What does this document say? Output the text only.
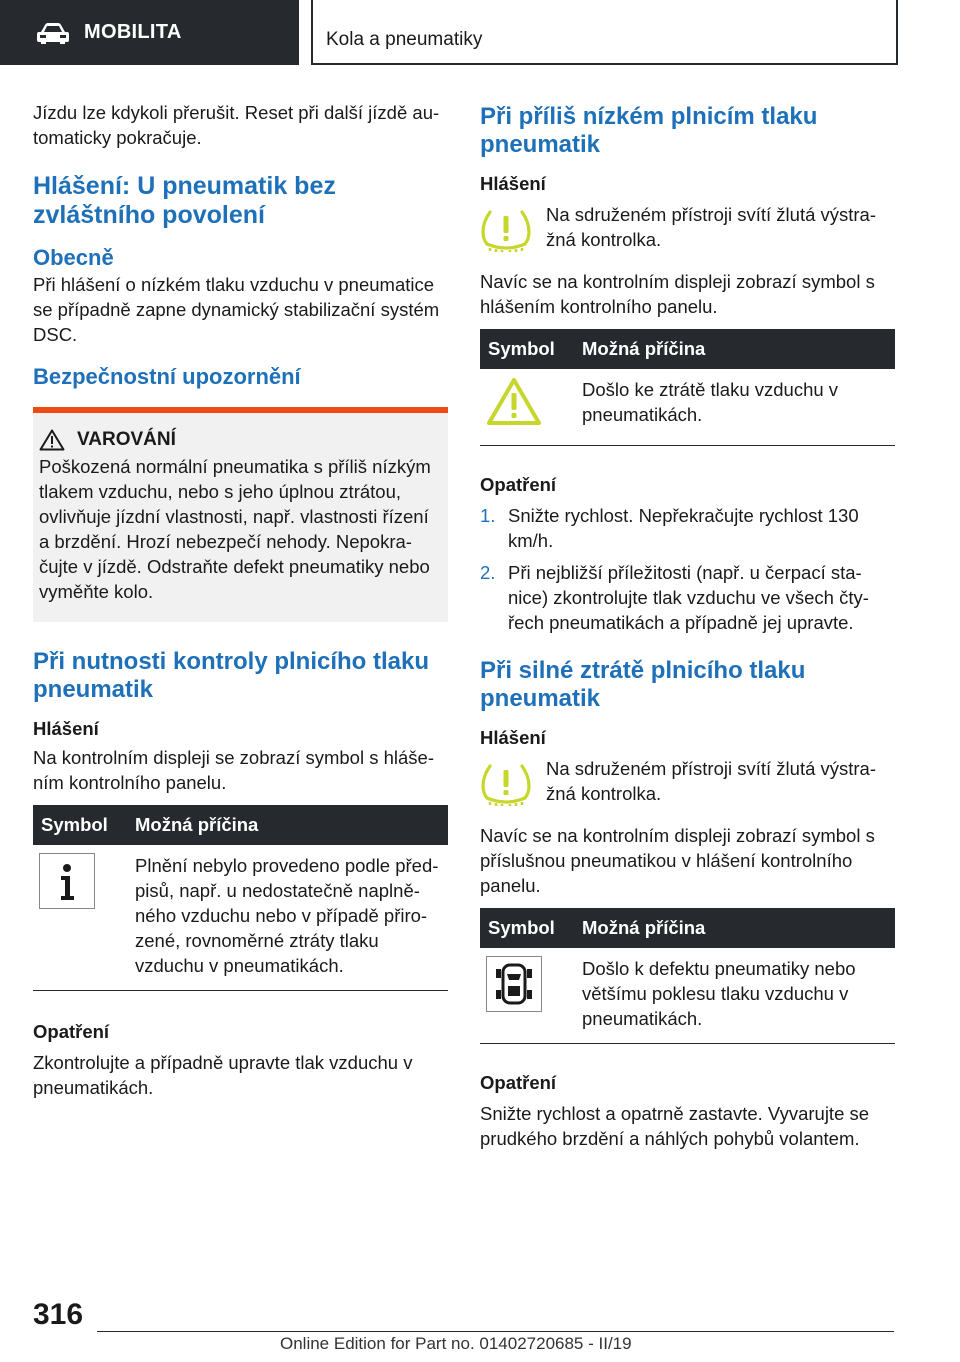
MOBILITA	Kola a pneumatiky

Jízdu lze kdykoli přerušit. Reset při další jízdě au-tomaticky pokračuje.

Hlášení: U pneumatik bez zvláštního povolení
Obecně

Při hlášení o nízkém tlaku vzduchu v pneumatice se případně zapne dynamický stabilizační systém DSC.

Bezpečnostní upozornění
VAROVÁNÍ

Poškozená normální pneumatika s příliš nízkým tlakem vzduchu, nebo s jeho úplnou ztrátou, ovlivňuje jízdní vlastnosti, např. vlastnosti řízení a brzdění. Hrozí nebezpečí nehody. Nepokra-čujte v jízdě. Odstraňte defekt pneumatiky nebo vyměňte kolo.

Při nutnosti kontroly plnicího tlaku pneumatik
Hlášení

Na kontrolním displeji se zobrazí symbol s hláše-ním kontrolního panelu.

Symbol	Možná příčina
	Plnění nebylo provedeno podle před-pisů, např. u nedostatečně naplně-ného vzduchu nebo v případě přiro-zené, rovnoměrné ztráty tlaku vzduchu v pneumatikách.
Opatření

Zkontrolujte a případně upravte tlak vzduchu v pneumatikách.

Při příliš nízkém plnicím tlaku pneumatik
Hlášení

Na sdruženém přístroji svítí žlutá výstra-žná kontrolka.

Navíc se na kontrolním displeji zobrazí symbol s hlášením kontrolního panelu.

Symbol	Možná příčina
	Došlo ke ztrátě tlaku vzduchu v pneumatikách.
Opatření
1. Snižte rychlost. Nepřekračujte rychlost 130 km/h.
2. Při nejbližší příležitosti (např. u čerpací sta-nice) zkontrolujte tlak vzduchu ve všech čty-řech pneumatikách a případně jej upravte.
Při silné ztrátě plnicího tlaku pneumatik
Hlášení

Na sdruženém přístroji svítí žlutá výstra-žná kontrolka.

Navíc se na kontrolním displeji zobrazí symbol s příslušnou pneumatikou v hlášení kontrolního panelu.

Symbol	Možná příčina
	Došlo k defektu pneumatiky nebo většímu poklesu tlaku vzduchu v pneumatikách.
Opatření

Snižte rychlost a opatrně zastavte. Vyvarujte se prudkého brzdění a náhlých pohybů volantem.

316
Online Edition for Part no. 01402720685 - II/19
